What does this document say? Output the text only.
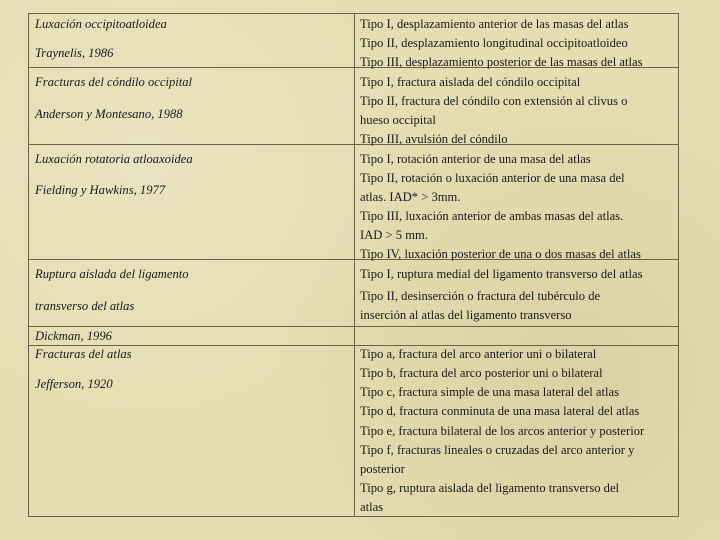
Luxación occipitoatloidea
Traynelis, 1986
Tipo I, desplazamiento anterior de las masas del atlas
Tipo II, desplazamiento longitudinal occipitoatloideo
Tipo III, desplazamiento posterior de las masas del atlas
Fracturas del cóndilo occipital
Anderson y Montesano, 1988
Tipo I, fractura aislada del cóndilo occipital
Tipo II, fractura del cóndilo con extensión al clivus o
hueso occipital
Tipo III, avulsión del cóndilo
Luxación rotatoria atloaxoidea
Fielding y Hawkins, 1977
Tipo I, rotación anterior de una masa del atlas
Tipo II, rotación o luxación anterior de una masa del
atlas. IAD* > 3mm.
Tipo III, luxación anterior de ambas masas del atlas.
IAD > 5 mm.
Tipo IV, luxación posterior de una o dos masas del atlas
Ruptura aislada del ligamento
transverso del atlas
Tipo I, ruptura medial del ligamento transverso del atlas
Tipo II, desinserción o fractura del tubérculo de
inserción al atlas del ligamento transverso
Dickman, 1996
Fracturas del atlas
Jefferson, 1920
Tipo a, fractura del arco anterior uni o bilateral
Tipo b, fractura del arco posterior uni o bilateral
Tipo c, fractura simple de una masa lateral del atlas
Tipo d, fractura conminuta de una masa lateral del atlas
Tipo e, fractura bilateral de los arcos anterior y posterior
Tipo f, fracturas lineales o cruzadas del arco anterior y
posterior
Tipo g, ruptura aislada del ligamento transverso del
atlas
